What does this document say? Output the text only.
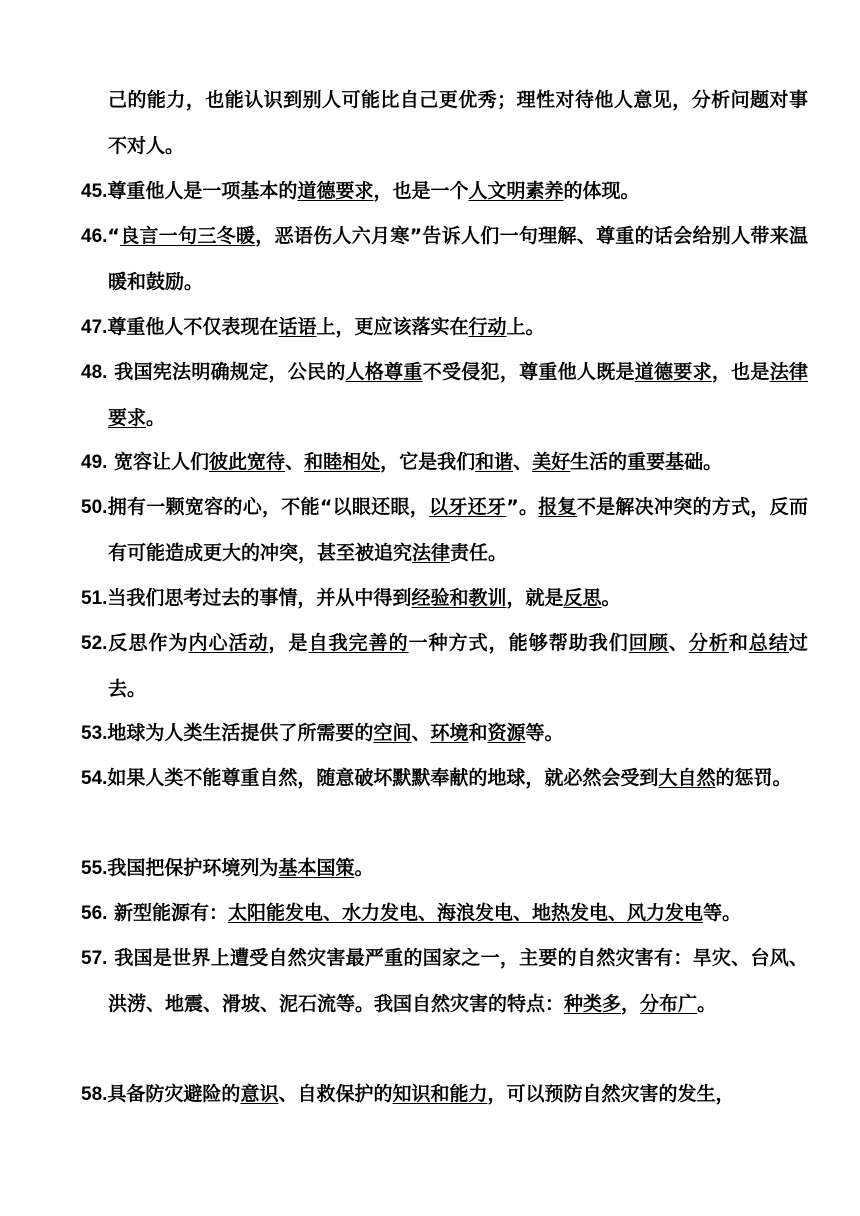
己的能力，也能认识到别人可能比自己更优秀；理性对待他人意见，分析问题对事不对人。
45.尊重他人是一项基本的道德要求，也是一个人文明素养的体现。
46.“良言一句三冬暖，恶语伤人六月寒”告诉人们一句理解、尊重的话会给别人带来温暖和鼓励。
47.尊重他人不仅表现在话语上，更应该落实在行动上。
48. 我国宪法明确规定，公民的人格尊重不受侵犯，尊重他人既是道德要求，也是法律要求。
49. 宽容让人们彼此宽待、和睦相处，它是我们和谐、美好生活的重要基础。
50.拥有一颗宽容的心，不能“以眼还眼，以牙还牙”。报复不是解决冲突的方式，反而有可能造成更大的冲突，甚至被追究法律责任。
51.当我们思考过去的事情，并从中得到经验和教训，就是反思。
52.反思作为内心活动，是自我完善的一种方式，能够帮助我们回顾、分析和总结过去。
53.地球为人类生活提供了所需要的空间、环境和资源等。
54.如果人类不能尊重自然，随意破坏默默奉献的地球，就必然会受到大自然的惩罚。
55.我国把保护环境列为基本国策。
56. 新型能源有：太阳能发电、水力发电、海浪发电、地热发电、风力发电等。
57. 我国是世界上遭受自然灾害最严重的国家之一，主要的自然灾害有：旱灾、台风、洪涝、地震、滑坡、泥石流等。我国自然灾害的特点：种类多，分布广。
58.具备防灾避险的意识、自救保护的知识和能力，可以预防自然灾害的发生，
